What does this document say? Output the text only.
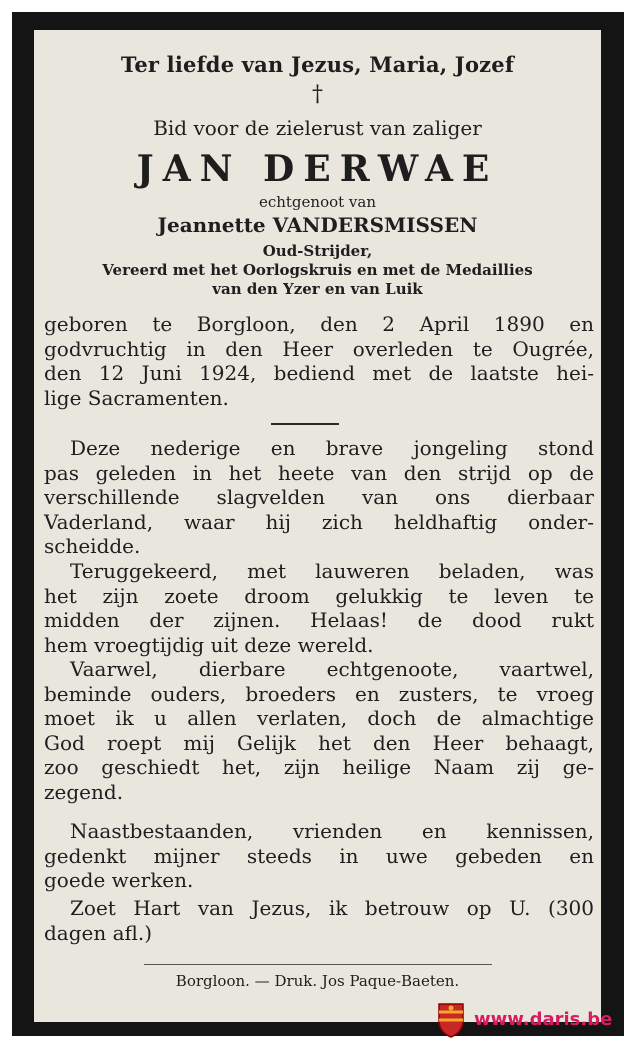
Ter liefde van Jezus, Maria, Jozef
†
Bid voor de zielerust van zaliger
JAN DERWAE
echtgenoot van
Jeannette VANDERSMISSEN
Oud-Strijder,
Vereerd met het Oorlogskruis en met de Medaillies
van den Yzer en van Luik
geboren te Borgloon, den 2 April 1890 en
godvruchtig in den Heer overleden te Ougrée,
den 12 Juni 1924, bediend met de laatste hei-
lige Sacramenten.
Deze nederige en brave jongeling stond
pas geleden in het heete van den strijd op de
verschillende slagvelden van ons dierbaar
Vaderland, waar hij zich heldhaftig onder-
scheidde.
Teruggekeerd, met lauweren beladen, was
het zijn zoete droom gelukkig te leven te
midden der zijnen. Helaas! de dood rukt
hem vroegtijdig uit deze wereld.
Vaarwel, dierbare echtgenoote, vaartwel,
beminde ouders, broeders en zusters, te vroeg
moet ik u allen verlaten, doch de almachtige
God roept mij Gelijk het den Heer behaagt,
zoo geschiedt het, zijn heilige Naam zij ge-
zegend.
Naastbestaanden, vrienden en kennissen,
gedenkt mijner steeds in uwe gebeden en
goede werken.
Zoet Hart van Jezus, ik betrouw op U. (300
dagen afl.)
Borgloon. — Druk. Jos Paque-Baeten.
www.daris.be
